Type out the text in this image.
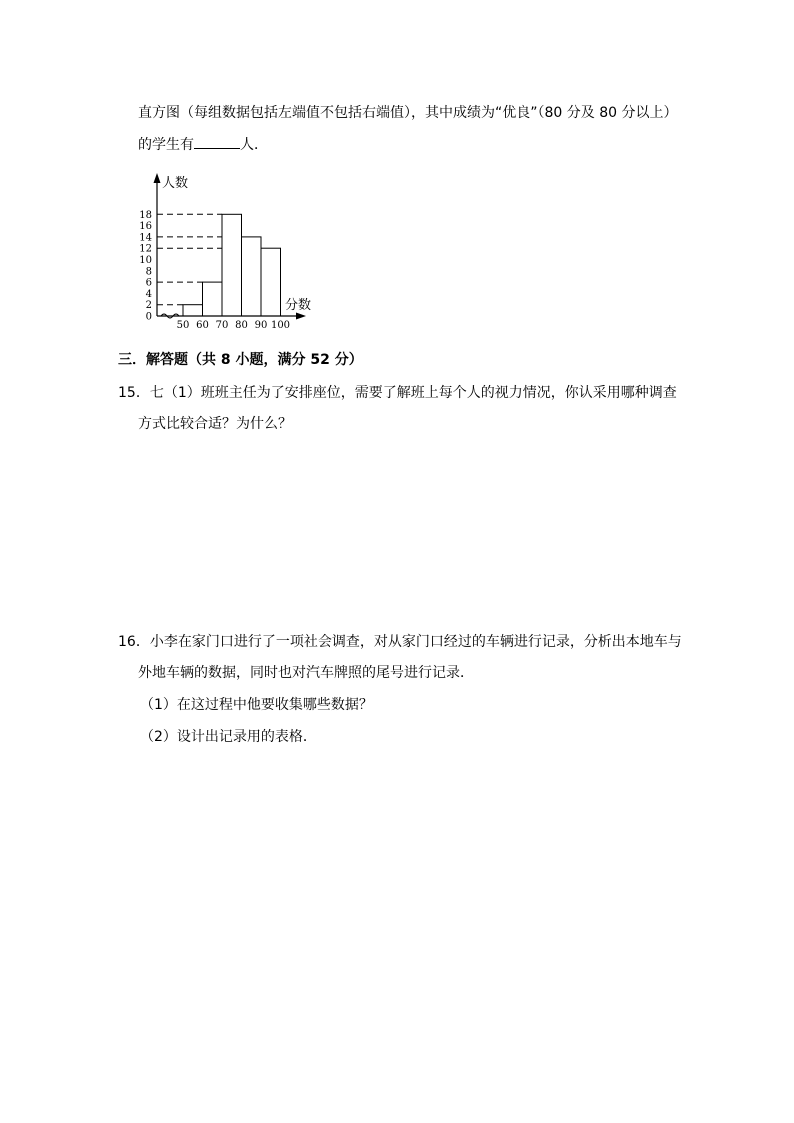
直方图（每组数据包括左端值不包括右端值），其中成绩为“优良”（80 分及 80 分以上）
的学生有	人．
0
2
4
6
8
10
12
14
16
18
50 60 70 80 90 100
人数
分数
三．解答题（共 8 小题，满分 52 分）
15．七（1）班班主任为了安排座位，需要了解班上每个人的视力情况，你认采用哪种调查
方式比较合适？为什么？
16．小李在家门口进行了一项社会调查，对从家门口经过的车辆进行记录，分析出本地车与
外地车辆的数据，同时也对汽车牌照的尾号进行记录．
（1）在这过程中他要收集哪些数据？
（2）设计出记录用的表格．
